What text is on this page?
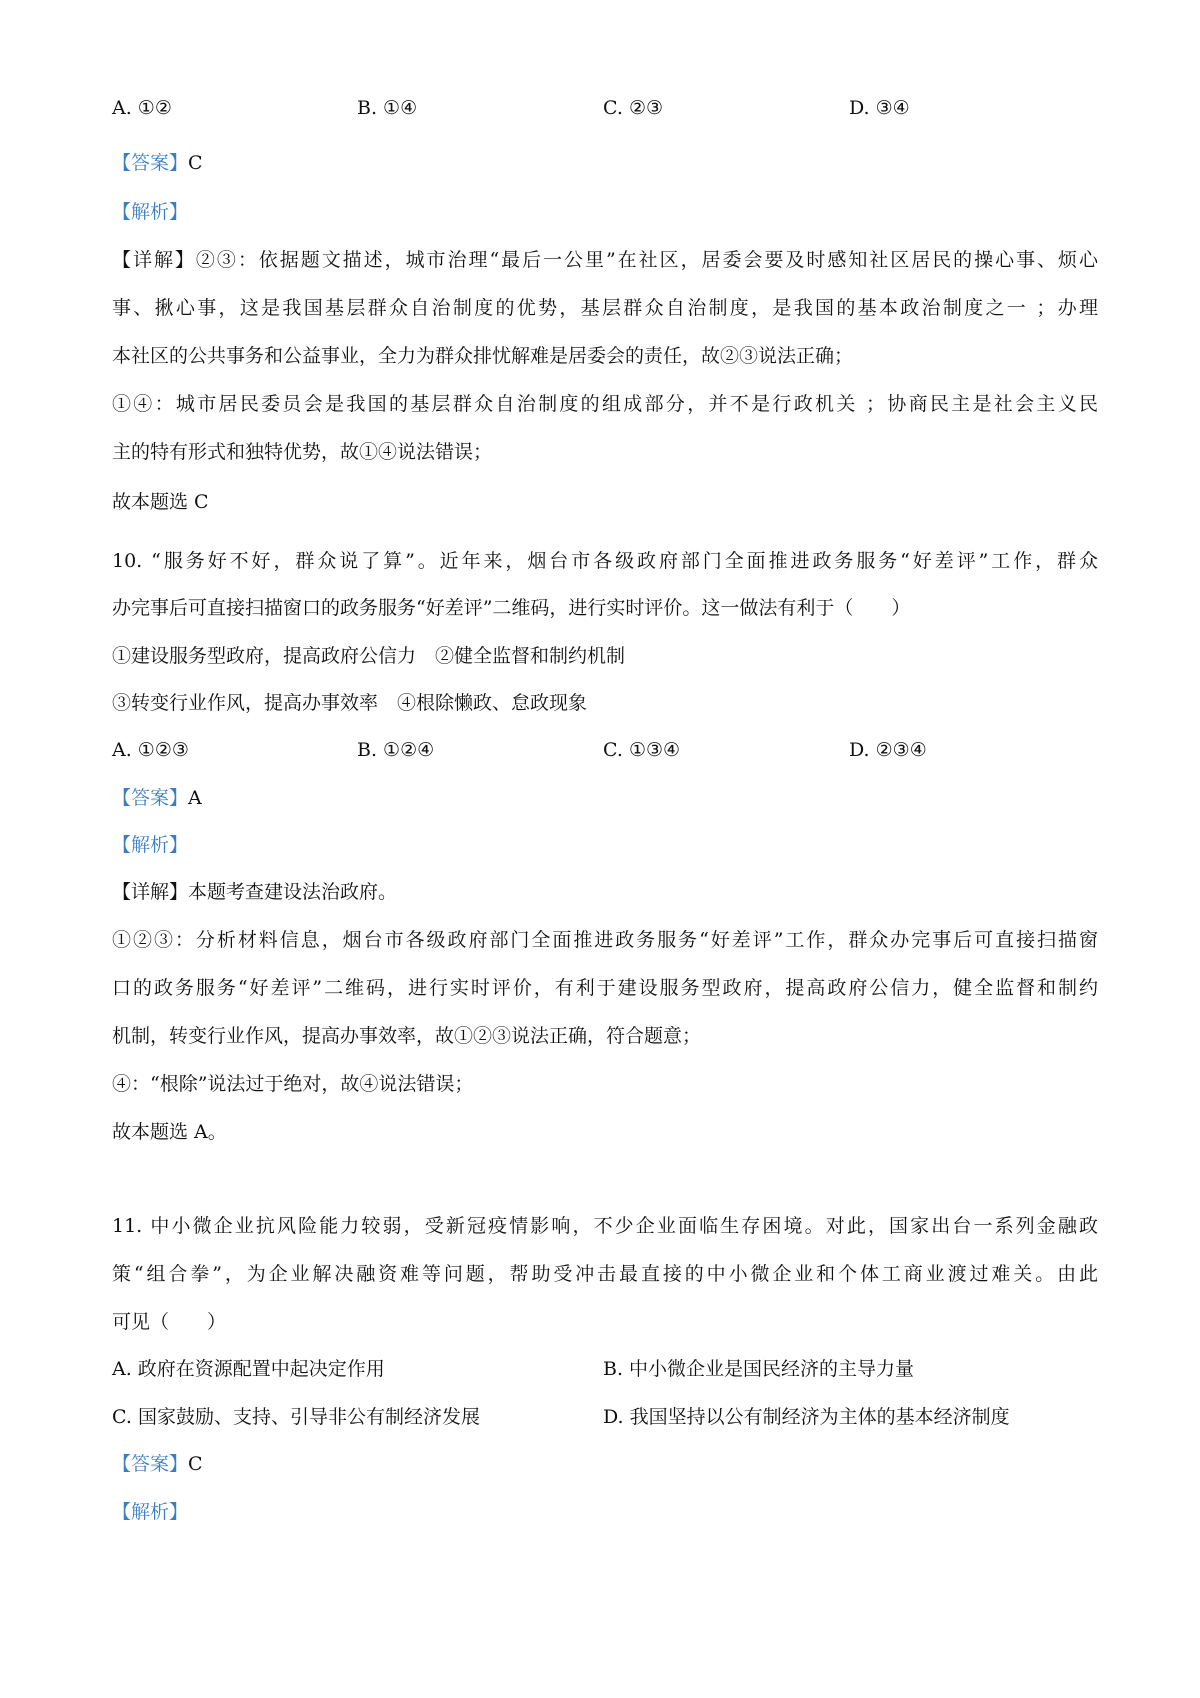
A. ①②	B. ①④	C. ②③	D. ③④
【答案】C
【解析】
【详解】②③：依据题文描述，城市治理“最后一公里”在社区，居委会要及时感知社区居民的操心事、烦心
事、揪心事，这是我国基层群众自治制度的优势，基层群众自治制度，是我国的基本政治制度之一 ；办理
本社区的公共事务和公益事业，全力为群众排忧解难是居委会的责任，故②③说法正确；
①④：城市居民委员会是我国的基层群众自治制度的组成部分，并不是行政机关 ；协商民主是社会主义民
主的特有形式和独特优势，故①④说法错误；
故本题选 C
10. “服务好不好，群众说了算”。近年来，烟台市各级政府部门全面推进政务服务“好差评”工作，群众
办完事后可直接扫描窗口的政务服务“好差评”二维码，进行实时评价。这一做法有利于（　　）
①建设服务型政府，提高政府公信力　②健全监督和制约机制
③转变行业作风，提高办事效率　④根除懒政、怠政现象
A. ①②③	B. ①②④	C. ①③④	D. ②③④
【答案】A
【解析】
【详解】本题考查建设法治政府。
①②③：分析材料信息，烟台市各级政府部门全面推进政务服务“好差评”工作，群众办完事后可直接扫描窗
口的政务服务“好差评”二维码，进行实时评价，有利于建设服务型政府，提高政府公信力，健全监督和制约
机制，转变行业作风，提高办事效率，故①②③说法正确，符合题意；
④：“根除”说法过于绝对，故④说法错误；
故本题选 A。
11. 中小微企业抗风险能力较弱，受新冠疫情影响，不少企业面临生存困境。对此，国家出台一系列金融政
策“组合拳”，为企业解决融资难等问题，帮助受冲击最直接的中小微企业和个体工商业渡过难关。由此
可见（　　）
A. 政府在资源配置中起决定作用	B. 中小微企业是国民经济的主导力量
C. 国家鼓励、支持、引导非公有制经济发展	D. 我国坚持以公有制经济为主体的基本经济制度
【答案】C
【解析】
